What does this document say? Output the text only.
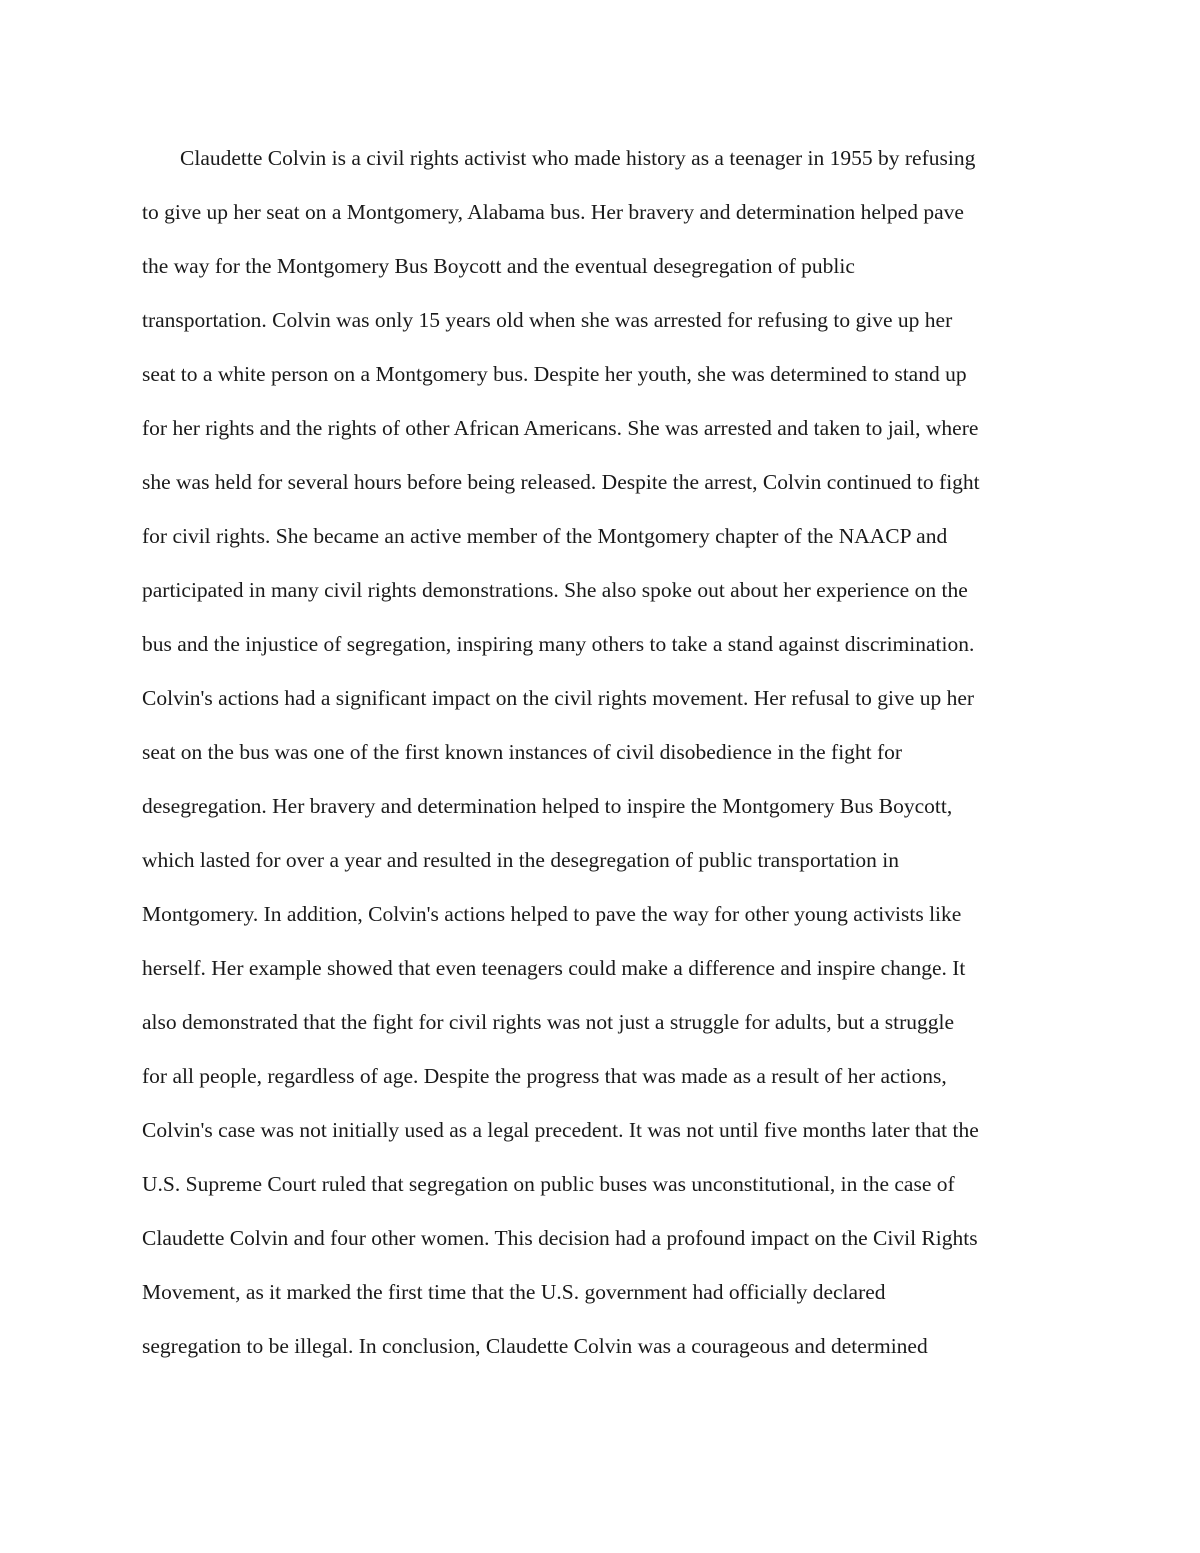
Claudette Colvin is a civil rights activist who made history as a teenager in 1955 by refusing
to give up her seat on a Montgomery, Alabama bus. Her bravery and determination helped pave
the way for the Montgomery Bus Boycott and the eventual desegregation of public
transportation. Colvin was only 15 years old when she was arrested for refusing to give up her
seat to a white person on a Montgomery bus. Despite her youth, she was determined to stand up
for her rights and the rights of other African Americans. She was arrested and taken to jail, where
she was held for several hours before being released. Despite the arrest, Colvin continued to fight
for civil rights. She became an active member of the Montgomery chapter of the NAACP and
participated in many civil rights demonstrations. She also spoke out about her experience on the
bus and the injustice of segregation, inspiring many others to take a stand against discrimination.
Colvin's actions had a significant impact on the civil rights movement. Her refusal to give up her
seat on the bus was one of the first known instances of civil disobedience in the fight for
desegregation. Her bravery and determination helped to inspire the Montgomery Bus Boycott,
which lasted for over a year and resulted in the desegregation of public transportation in
Montgomery. In addition, Colvin's actions helped to pave the way for other young activists like
herself. Her example showed that even teenagers could make a difference and inspire change. It
also demonstrated that the fight for civil rights was not just a struggle for adults, but a struggle
for all people, regardless of age. Despite the progress that was made as a result of her actions,
Colvin's case was not initially used as a legal precedent. It was not until five months later that the
U.S. Supreme Court ruled that segregation on public buses was unconstitutional, in the case of
Claudette Colvin and four other women. This decision had a profound impact on the Civil Rights
Movement, as it marked the first time that the U.S. government had officially declared
segregation to be illegal. In conclusion, Claudette Colvin was a courageous and determined
